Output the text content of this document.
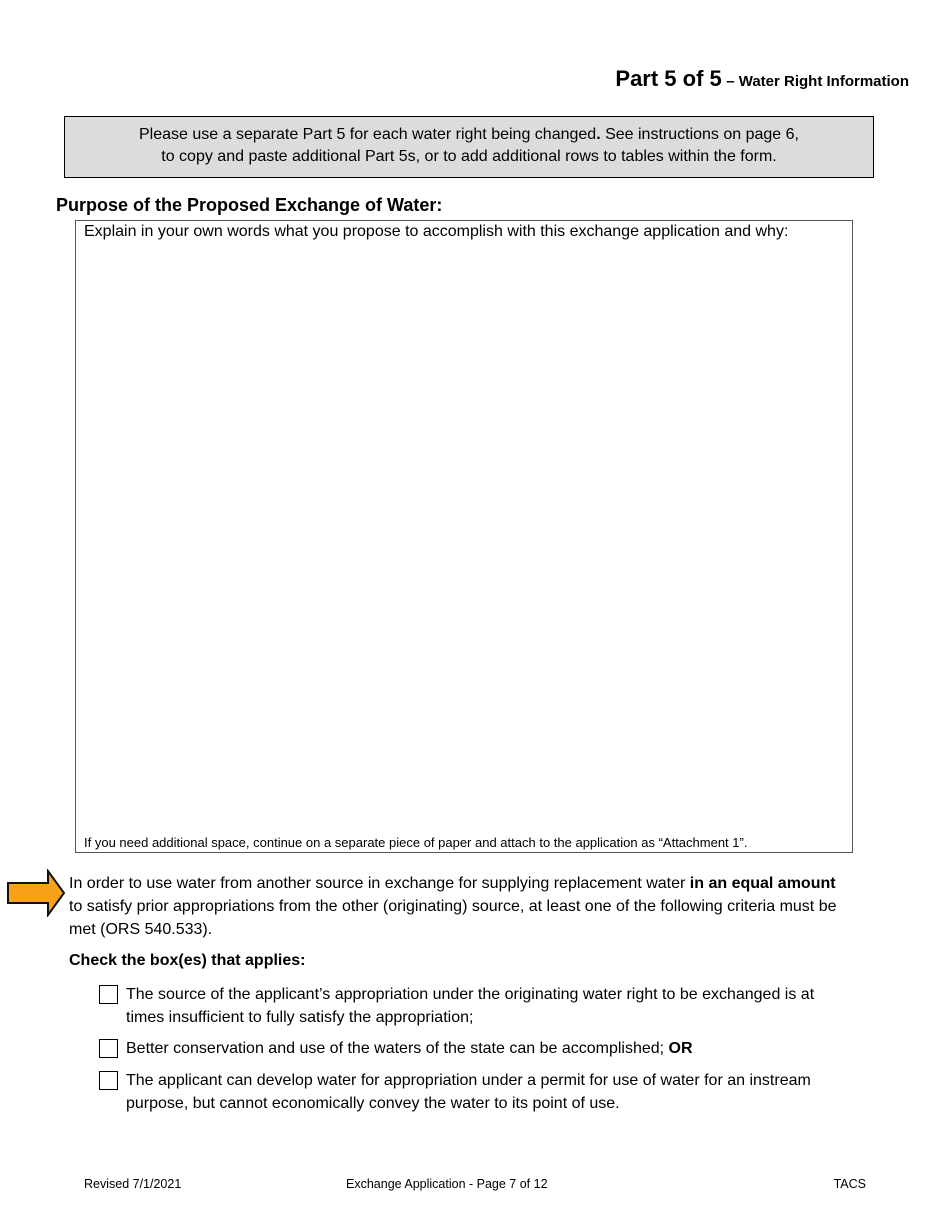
Part 5 of 5 – Water Right Information
Please use a separate Part 5 for each water right being changed. See instructions on page 6,
to copy and paste additional Part 5s, or to add additional rows to tables within the form.
Purpose of the Proposed Exchange of Water:
Explain in your own words what you propose to accomplish with this exchange application and why:
If you need additional space, continue on a separate piece of paper and attach to the application as “Attachment 1”.
In order to use water from another source in exchange for supplying replacement water in an equal amount to satisfy prior appropriations from the other (originating) source, at least one of the following criteria must be met (ORS 540.533).
Check the box(es) that applies:
The source of the applicant’s appropriation under the originating water right to be exchanged is at times insufficient to fully satisfy the appropriation;
Better conservation and use of the waters of the state can be accomplished; OR
The applicant can develop water for appropriation under a permit for use of water for an instream purpose, but cannot economically convey the water to its point of use.
Revised 7/1/2021	Exchange Application - Page 7 of 12	TACS
